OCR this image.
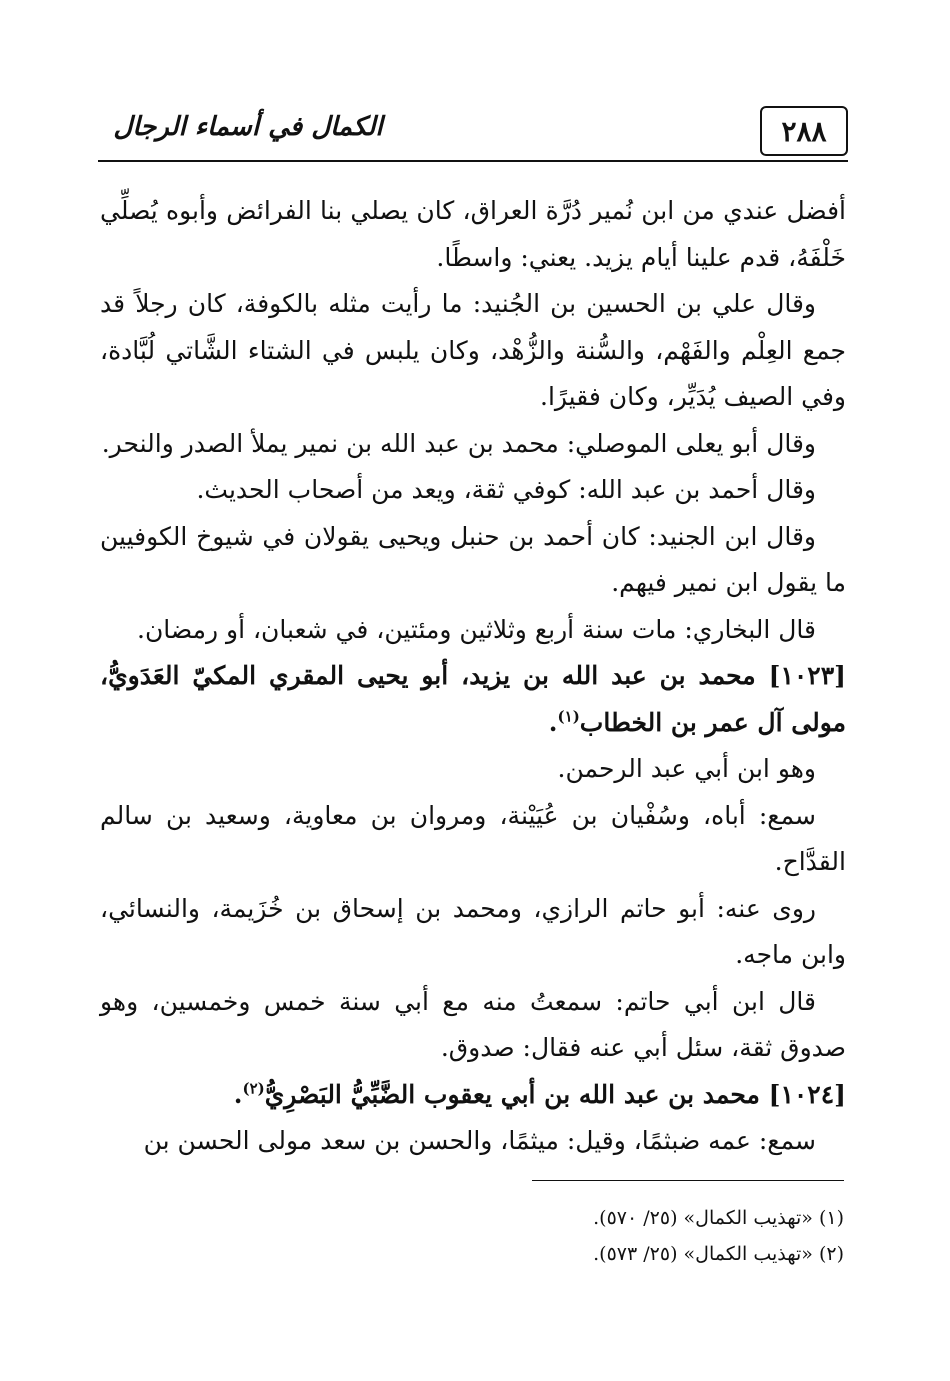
الكمال في أسماء الرجال	٢٨٨

أفضل عندي من ابن نُمير دُرَّة العراق، كان يصلي بنا الفرائض وأبوه يُصلِّي خَلْفَهُ، قدم علينا أيام يزيد. يعني: واسطًا.

وقال علي بن الحسين بن الجُنيد: ما رأيت مثله بالكوفة، كان رجلاً قد جمع العِلْم والفَهْم، والسُّنة والزُّهْد، وكان يلبس في الشتاء الشَّاتي لُبَّادة، وفي الصيف يُدَيِّر، وكان فقيرًا.

وقال أبو يعلى الموصلي: محمد بن عبد الله بن نمير يملأ الصدر والنحر.

وقال أحمد بن عبد الله: كوفي ثقة، ويعد من أصحاب الحديث.

وقال ابن الجنيد: كان أحمد بن حنبل ويحيى يقولان في شيوخ الكوفيين ما يقول ابن نمير فيهم.

قال البخاري: مات سنة أربع وثلاثين ومئتين، في شعبان، أو رمضان.

[١٠٢٣] محمد بن عبد الله بن يزيد، أبو يحيى المقري المكيّ العَدَويُّ، مولى آل عمر بن الخطاب$^{(١)}$.

وهو ابن أبي عبد الرحمن.

سمع: أباه، وسُفْيان بن عُيَيْنة، ومروان بن معاوية، وسعيد بن سالم القدَّاح.

روى عنه: أبو حاتم الرازي، ومحمد بن إسحاق بن خُزَيمة، والنسائي، وابن ماجه.

قال ابن أبي حاتم: سمعتُ منه مع أبي سنة خمس وخمسين، وهو صدوق ثقة، سئل أبي عنه فقال: صدوق.

[١٠٢٤] محمد بن عبد الله بن أبي يعقوب الضَّبِّيُّ البَصْرِيُّ$^{(٢)}$.

سمع: عمه ضبثمًا، وقيل: ميثمًا، والحسن بن سعد مولى الحسن بن

(١) «تهذيب الكمال» (٢٥/ ٥٧٠).

(٢) «تهذيب الكمال» (٢٥/ ٥٧٣).
